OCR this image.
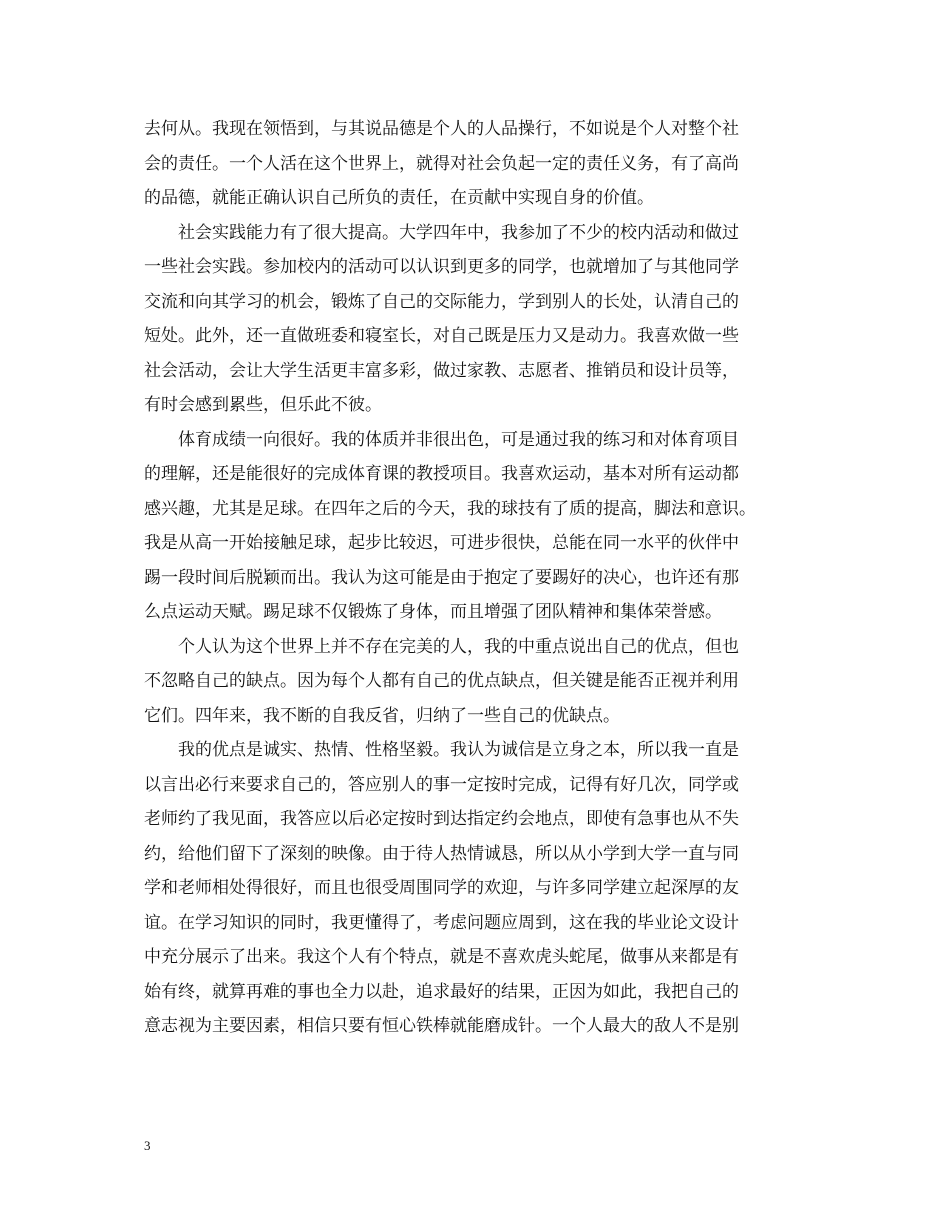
去何从。我现在领悟到，与其说品德是个人的人品操行，不如说是个人对整个社
会的责任。一个人活在这个世界上，就得对社会负起一定的责任义务，有了高尚
的品德，就能正确认识自己所负的责任，在贡献中实现自身的价值。
社会实践能力有了很大提高。大学四年中，我参加了不少的校内活动和做过
一些社会实践。参加校内的活动可以认识到更多的同学，也就增加了与其他同学
交流和向其学习的机会，锻炼了自己的交际能力，学到别人的长处，认清自己的
短处。此外，还一直做班委和寝室长，对自己既是压力又是动力。我喜欢做一些
社会活动，会让大学生活更丰富多彩，做过家教、志愿者、推销员和设计员等，
有时会感到累些，但乐此不彼。
体育成绩一向很好。我的体质并非很出色，可是通过我的练习和对体育项目
的理解，还是能很好的完成体育课的教授项目。我喜欢运动，基本对所有运动都
感兴趣，尤其是足球。在四年之后的今天，我的球技有了质的提高，脚法和意识。
我是从高一开始接触足球，起步比较迟，可进步很快，总能在同一水平的伙伴中
踢一段时间后脱颖而出。我认为这可能是由于抱定了要踢好的决心，也许还有那
么点运动天赋。踢足球不仅锻炼了身体，而且增强了团队精神和集体荣誉感。
个人认为这个世界上并不存在完美的人，我的中重点说出自己的优点，但也
不忽略自己的缺点。因为每个人都有自己的优点缺点，但关键是能否正视并利用
它们。四年来，我不断的自我反省，归纳了一些自己的优缺点。
我的优点是诚实、热情、性格坚毅。我认为诚信是立身之本，所以我一直是
以言出必行来要求自己的，答应别人的事一定按时完成，记得有好几次，同学或
老师约了我见面，我答应以后必定按时到达指定约会地点，即使有急事也从不失
约，给他们留下了深刻的映像。由于待人热情诚恳，所以从小学到大学一直与同
学和老师相处得很好，而且也很受周围同学的欢迎，与许多同学建立起深厚的友
谊。在学习知识的同时，我更懂得了，考虑问题应周到，这在我的毕业论文设计
中充分展示了出来。我这个人有个特点，就是不喜欢虎头蛇尾，做事从来都是有
始有终，就算再难的事也全力以赴，追求最好的结果，正因为如此，我把自己的
意志视为主要因素，相信只要有恒心铁棒就能磨成针。一个人最大的敌人不是别
3
